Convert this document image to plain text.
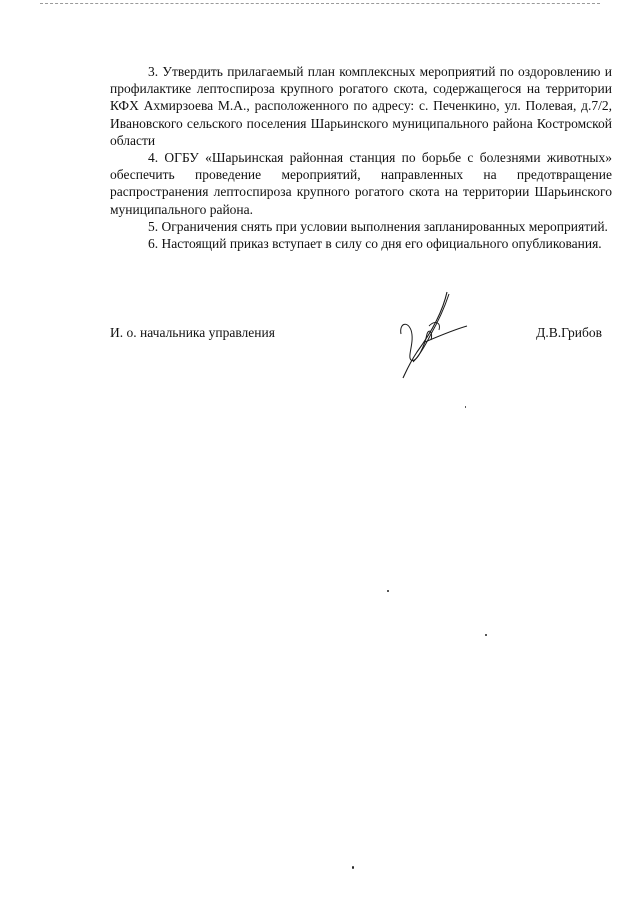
3. Утвердить прилагаемый план комплексных мероприятий по оздоровлению и профилактике лептоспироза крупного рогатого скота, содержащегося на территории КФХ Ахмирзоева М.А., расположенного по адресу: с. Печенкино, ул. Полевая, д.7/2, Ивановского сельского поселения Шарьинского муниципального района Костромской области

4. ОГБУ «Шарьинская районная станция по борьбе с болезнями животных» обеспечить проведение мероприятий, направленных на предотвращение распространения лептоспироза крупного рогатого скота на территории Шарьинского муниципального района.

5. Ограничения снять при условии выполнения запланированных мероприятий.

6. Настоящий приказ вступает в силу со дня его официального опубликования.

И. о. начальника управления	Д.В.Грибов
